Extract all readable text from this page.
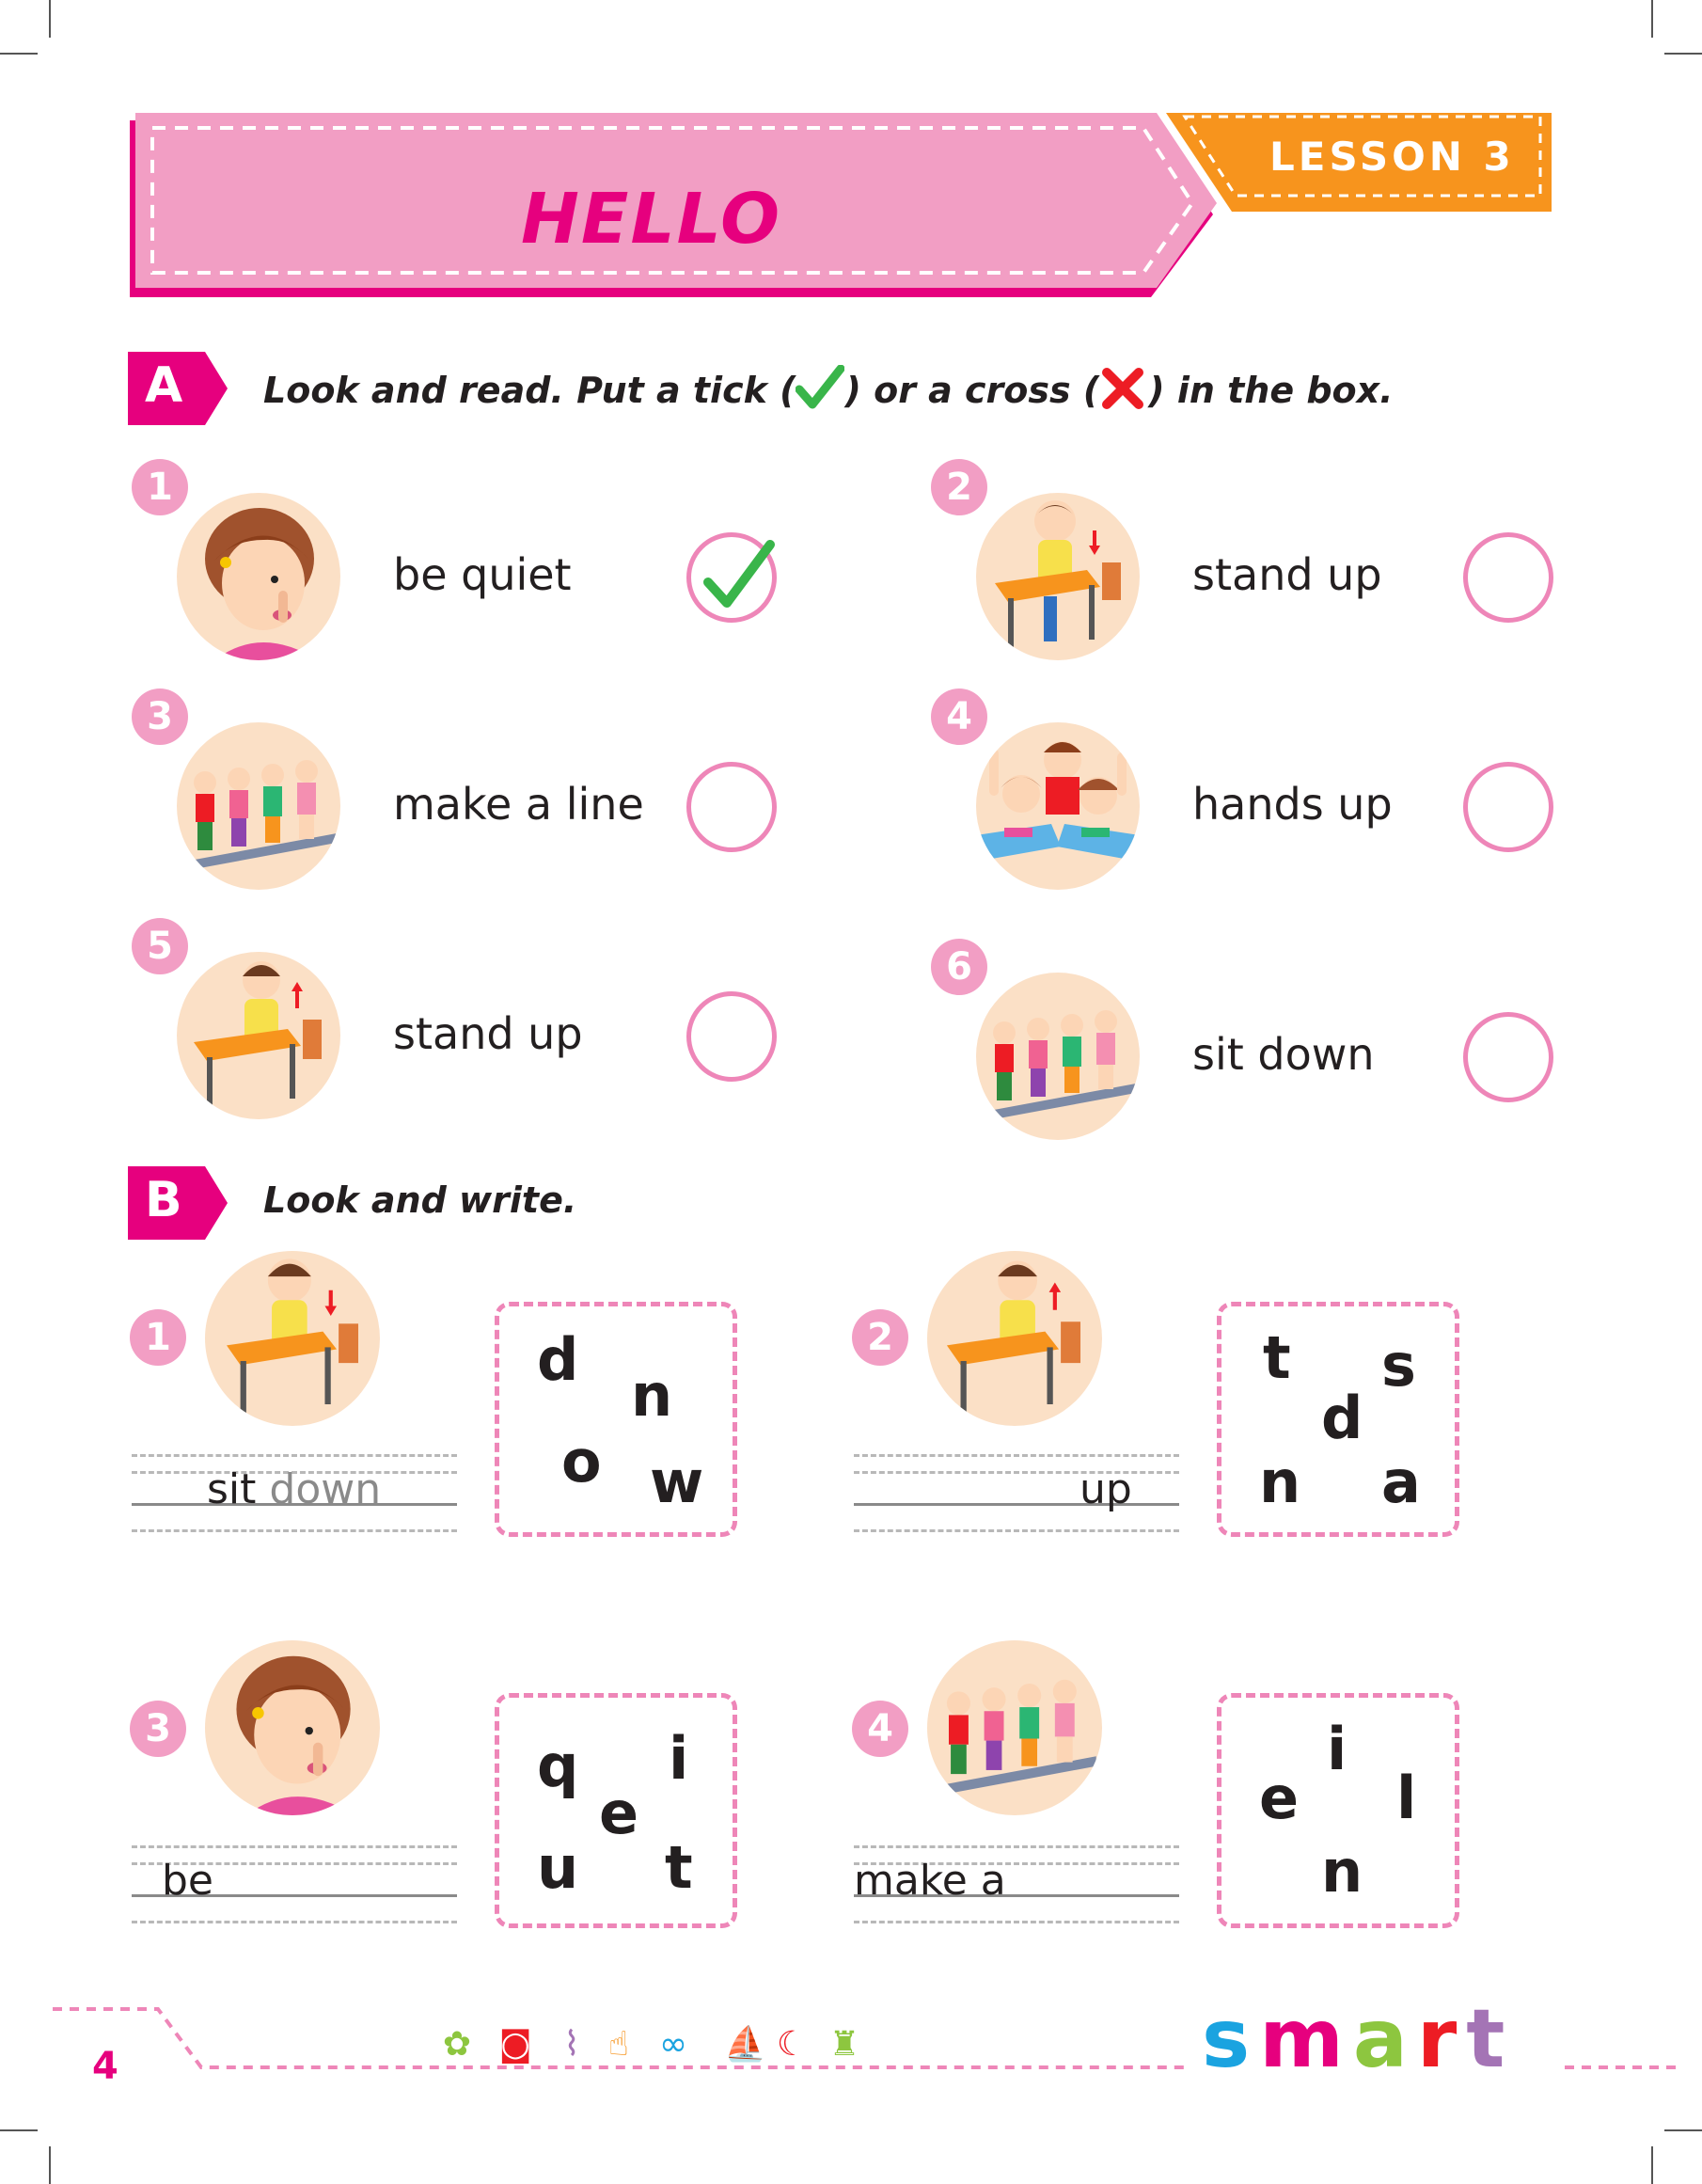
HELLO
LESSON 3
A Look and read. Put a tick ( ) or a cross ( ) in the box.
1
be quiet
2
stand up
3
make a line
4
hands up
5
stand up
6
sit down
B Look and write.
1
sit down
d
n
o w
2
up
t s
d
n a
3
be
q i
e
u t
4
make a
i
e l
n
4
✿ ◙ ⌇ ☝ ∞ ⛵ ☾ ♜	smart
